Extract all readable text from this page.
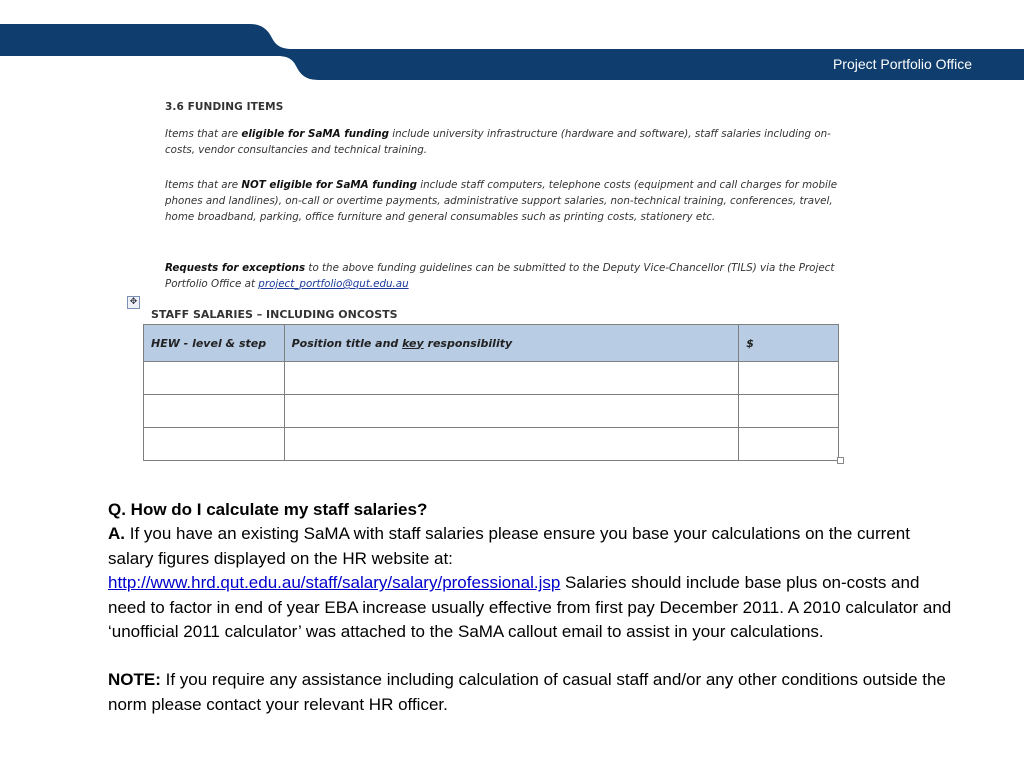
Project Portfolio Office
3.6 FUNDING ITEMS
Items that are eligible for SaMA funding include university infrastructure (hardware and software), staff salaries including on-costs, vendor consultancies and technical training.
Items that are NOT eligible for SaMA funding include staff computers, telephone costs (equipment and call charges for mobile phones and landlines), on-call or overtime payments, administrative support salaries, non-technical training, conferences, travel, home broadband, parking, office furniture and general consumables such as printing costs, stationery etc.
Requests for exceptions to the above funding guidelines can be submitted to the Deputy Vice-Chancellor (TILS) via the Project Portfolio Office at project_portfolio@qut.edu.au
✥
STAFF SALARIES – INCLUDING ONCOSTS
HEW - level & step	Position title and key responsibility	$

Q. How do I calculate my staff salaries?

A. If you have an existing SaMA with staff salaries please ensure you base your calculations on the current salary figures displayed on the HR website at:
http://www.hrd.qut.edu.au/staff/salary/salary/professional.jsp Salaries should include base plus on-costs and need to factor in end of year EBA increase usually effective from first pay December 2011. A 2010 calculator and ‘unofficial 2011 calculator’ was attached to the SaMA callout email to assist in your calculations.

NOTE: If you require any assistance including calculation of casual staff and/or any other conditions outside the norm please contact your relevant HR officer.
